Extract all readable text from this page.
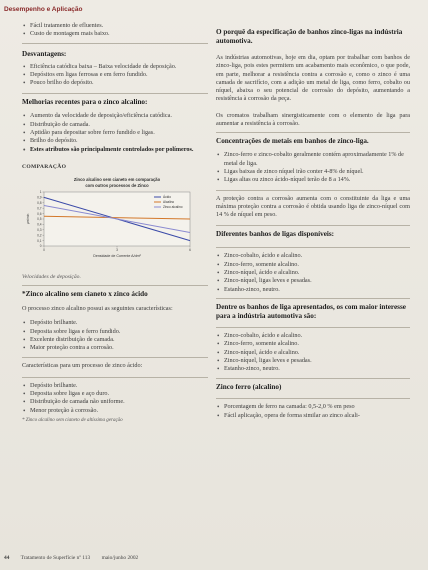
Desempenho e Aplicação
• Fácil tratamento de efluentes.
• Custo de montagem mais baixo.
Desvantagens:
• Eficiência catódica baixa – Baixa velocidade de deposição.
• Depósitos em ligas ferrosas e em ferro fundido.
• Pouco brilho do depósito.
Melhorias recentes para o zinco alcalino:
• Aumento da velocidade de deposição/eficiência catódica.
• Distribuição de camada.
• Aptidão para depositar sobre ferro fundido e ligas.
• Brilho do depósito.
• Estes atributos são principalmente controlados por polímeros.
COMPARAÇÃO
Zinco alcalino sem cianeto em comparação
com outros processos de Zinco
0
0,1
0,2
0,3
0,4
0,5
0,6
0,7
0,8
0,9
1
0	3	6
µm/min
Densidade de Corrente A/dm²
Ácido
Alcalino
Zinco alcalino
Velocidades de deposição.
*Zinco alcalino sem cianeto x zinco ácido
O processo zinco alcalino possui as seguintes características:
• Depósito brilhante.
• Deposita sobre ligas e ferro fundido.
• Excelente distribuição de camada.
• Maior proteção contra a corrosão.
Características para um processo de zinco ácido:
• Depósito brilhante.
• Deposita sobre ligas e aço duro.
• Distribuição de camada não uniforme.
• Menor proteção à corrosão.
* Zinco alcalino sem cianeto de altíssima geração
O porquê da especificação de banhos zinco-ligas na indústria automotiva.
As indústrias automotivas, hoje em dia, optam por trabalhar com banhos de zinco-liga, pois estes permitem um acabamento mais econômico, o que pode, em parte, melhorar a resistência contra a corrosão e, como o zinco é uma camada de sacrifício, com a adição um metal de liga, como ferro, cobalto ou níquel, abaixa o seu potencial de corrosão do depósito, aumentando a resistência à corrosão da peça.
Os cromatos trabalham sinergisticamente com o elemento de liga para aumentar a resistência à corrosão.
Concentrações de metais em banhos de zinco-liga.
• Zinco-ferro e zinco-cobalto geralmente contém aproximadamente 1% de metal de liga.
• Ligas baixas de zinco níquel irão conter 4-8% de níquel.
• Ligas altas ou zinco ácido-níquel terão de 8 a 14%.
A proteção contra a corrosão aumenta com o constituinte da liga e uma máxima proteção contra a corrosão é obtida usando liga de zinco-níquel com 14 % de níquel em peso.
Diferentes banhos de ligas disponíveis:
• Zinco-cobalto, ácido e alcalino.
• Zinco-ferro, somente alcalino.
• Zinco-níquel, ácido e alcalino.
• Zinco-níquel, ligas leves e pesadas.
• Estanho-zinco, neutro.
Dentre os banhos de liga apresentados, os com maior interesse para a indústria automotiva são:
• Zinco-cobalto, ácido e alcalino.
• Zinco-ferro, somente alcalino.
• Zinco-níquel, ácido e alcalino.
• Zinco-níquel, ligas leves e pesadas.
• Estanho-zinco, neutro.
Zinco ferro (alcalino)
• Porcentagem de ferro na camada: 0,5-2,0 % em peso
• Fácil aplicação, opera de forma similar ao zinco alcali-
44 Tratamento de Superfície nº 113 maio/junho 2002
